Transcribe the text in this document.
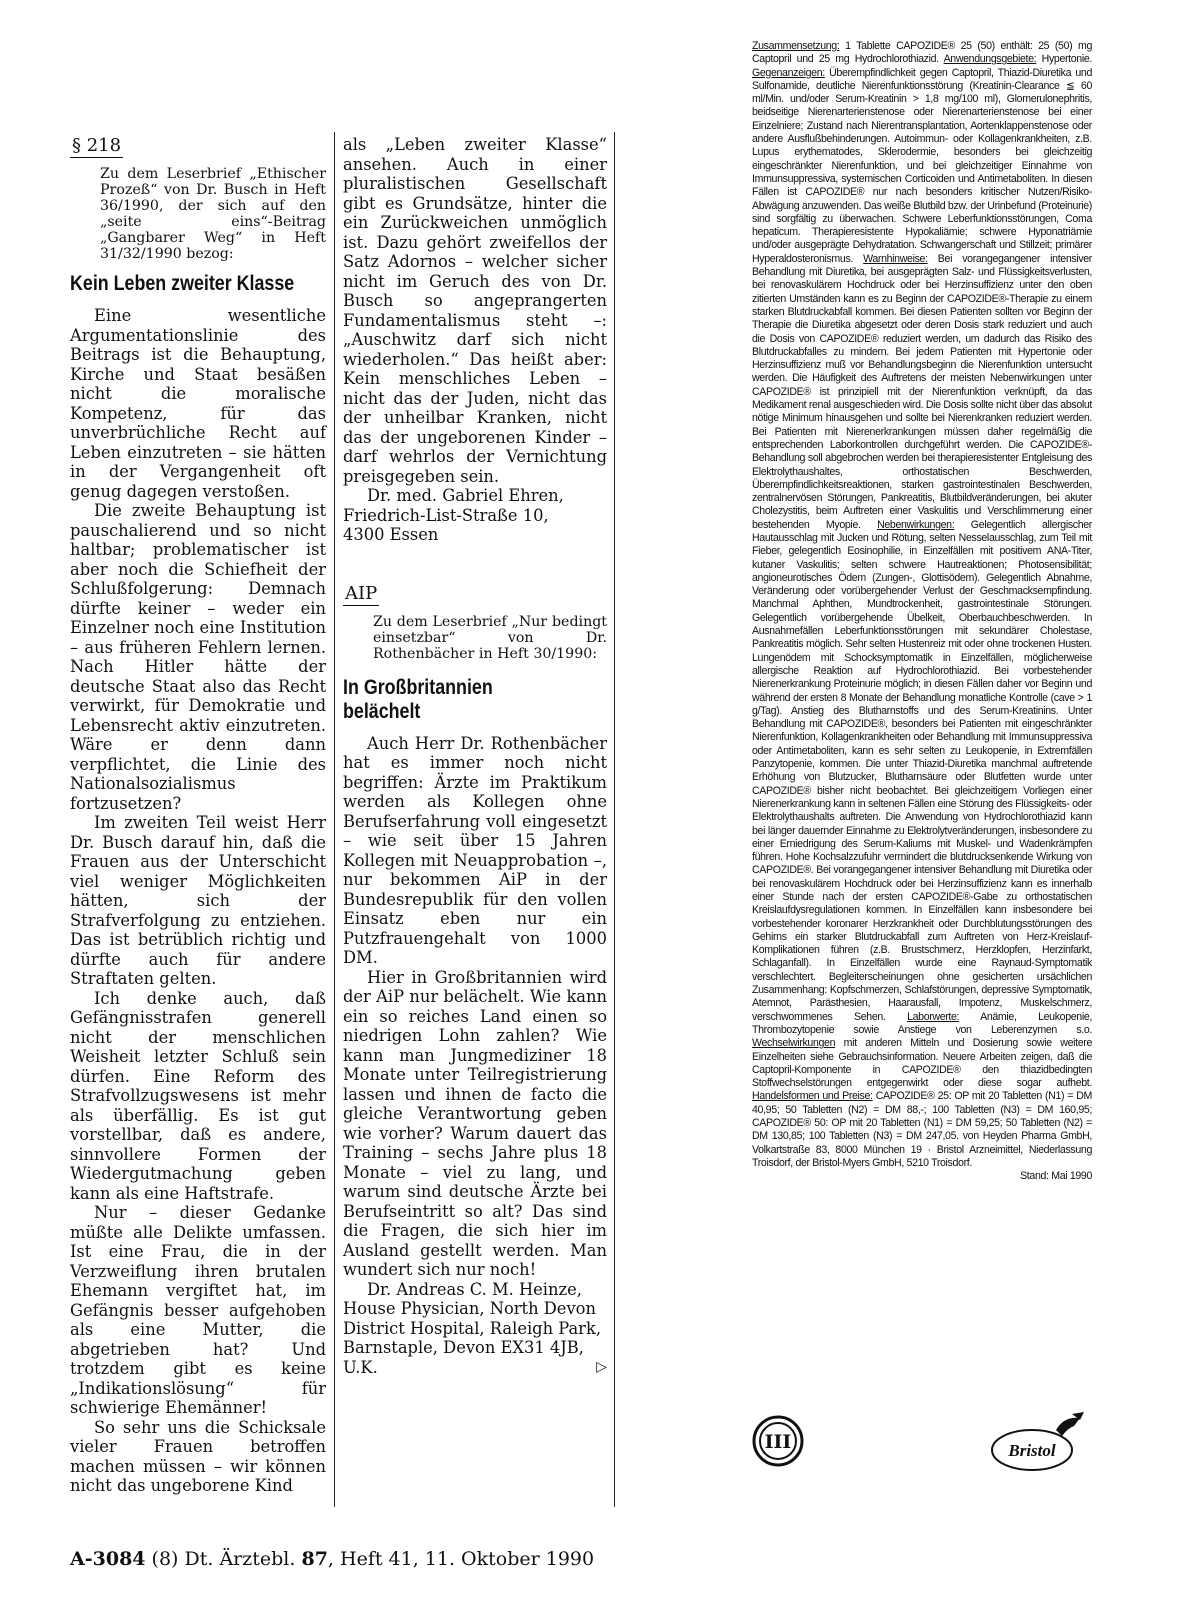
§ 218

Zu dem Leserbrief „Ethischer Prozeß“ von Dr. Busch in Heft 36/1990, der sich auf den „seite eins“-Beitrag „Gangbarer Weg“ in Heft 31/32/1990 bezog:

Kein Leben zweiter Klasse

Eine wesentliche Argumentationslinie des Beitrags ist die Behauptung, Kirche und Staat besäßen nicht die moralische Kompetenz, für das unverbrüchliche Recht auf Leben einzutreten – sie hätten in der Vergangenheit oft genug dagegen verstoßen.

Die zweite Behauptung ist pauschalierend und so nicht haltbar; problematischer ist aber noch die Schiefheit der Schlußfolgerung: Demnach dürfte keiner – weder ein Einzelner noch eine Institution – aus früheren Fehlern lernen. Nach Hitler hätte der deutsche Staat also das Recht verwirkt, für Demokratie und Lebensrecht aktiv einzutreten. Wäre er denn dann verpflichtet, die Linie des Nationalsozialismus fortzusetzen?

Im zweiten Teil weist Herr Dr. Busch darauf hin, daß die Frauen aus der Unterschicht viel weniger Möglichkeiten hätten, sich der Strafverfolgung zu entziehen. Das ist betrüblich richtig und dürfte auch für andere Straftaten gelten.

Ich denke auch, daß Gefängnisstrafen generell nicht der menschlichen Weisheit letzter Schluß sein dürfen. Eine Reform des Strafvollzugswesens ist mehr als überfällig. Es ist gut vorstellbar, daß es andere, sinnvollere Formen der Wiedergutmachung geben kann als eine Haftstrafe.

Nur – dieser Gedanke müßte alle Delikte umfassen. Ist eine Frau, die in der Verzweiflung ihren brutalen Ehemann vergiftet hat, im Gefängnis besser aufgehoben als eine Mutter, die abgetrieben hat? Und trotzdem gibt es keine „Indikationslösung“ für schwierige Ehemänner!

So sehr uns die Schicksale vieler Frauen betroffen machen müssen – wir können nicht das ungeborene Kind

als „Leben zweiter Klasse“ ansehen. Auch in einer pluralistischen Gesellschaft gibt es Grundsätze, hinter die ein Zurückweichen unmöglich ist. Dazu gehört zweifellos der Satz Adornos – welcher sicher nicht im Geruch des von Dr. Busch so angeprangerten Fundamentalismus steht –: „Auschwitz darf sich nicht wiederholen.“ Das heißt aber: Kein menschliches Leben – nicht das der Juden, nicht das der unheilbar Kranken, nicht das der ungeborenen Kinder – darf wehrlos der Vernichtung preisgegeben sein.

Dr. med. Gabriel Ehren,
Friedrich-List-Straße 10,
4300 Essen
AIP

Zu dem Leserbrief „Nur bedingt einsetzbar“ von Dr. Rothenbächer in Heft 30/1990:

In Großbritannien
belächelt

Auch Herr Dr. Rothenbächer hat es immer noch nicht begriffen: Ärzte im Praktikum werden als Kollegen ohne Berufserfahrung voll eingesetzt – wie seit über 15 Jahren Kollegen mit Neuapprobation –, nur bekommen AiP in der Bundesrepublik für den vollen Einsatz eben nur ein Putzfrauengehalt von 1000 DM.

Hier in Großbritannien wird der AiP nur belächelt. Wie kann ein so reiches Land einen so niedrigen Lohn zahlen? Wie kann man Jungmediziner 18 Monate unter Teilregistrierung lassen und ihnen de facto die gleiche Verantwortung geben wie vorher? Warum dauert das Training – sechs Jahre plus 18 Monate – viel zu lang, und warum sind deutsche Ärzte bei Berufseintritt so alt? Das sind die Fragen, die sich hier im Ausland gestellt werden. Man wundert sich nur noch!

Dr. Andreas C. M. Heinze, House Physician, North Devon District Hospital, Raleigh Park, Barnstaple, Devon EX31 4JB, U.K.	▷

Zusammensetzung: 1 Tablette CAPOZIDE® 25 (50) enthält: 25 (50) mg Captopril und 25 mg Hydrochlorothiazid. Anwendungsgebiete: Hypertonie. Gegenanzeigen: Überempfindlichkeit gegen Captopril, Thiazid-Diuretika und Sulfonamide, deutliche Nierenfunktionsstörung (Kreatinin-Clearance ≦ 60 ml/Min. und/oder Serum-Kreatinin > 1,8 mg/100 ml), Glomerulonephritis, beidseitige Nierenarterienstenose oder Nierenarterienstenose bei einer Einzelniere; Zustand nach Nierentransplantation, Aortenklappenstenose oder andere Ausflußbehinderungen. Autoimmun- oder Kollagenkrankheiten, z.B. Lupus erythematodes, Sklerodermie, besonders bei gleichzeitig eingeschränkter Nierenfunktion, und bei gleichzeitiger Einnahme von Immunsuppressiva, systemischen Corticoiden und Antimetaboliten. In diesen Fällen ist CAPOZIDE® nur nach besonders kritischer Nutzen/Risiko-Abwägung anzuwenden. Das weiße Blutbild bzw. der Urinbefund (Proteinurie) sind sorgfältig zu überwachen. Schwere Leberfunktionsstörungen, Coma hepaticum. Therapieresistente Hypokaliämie; schwere Hyponatriämie und/oder ausgeprägte Dehydratation. Schwangerschaft und Stillzeit; primärer Hyperaldosteronismus. Warnhinweise: Bei vorangegangener intensiver Behandlung mit Diuretika, bei ausgeprägten Salz- und Flüssigkeitsverlusten, bei renovaskulärem Hochdruck oder bei Herzinsuffizienz unter den oben zitierten Umständen kann es zu Beginn der CAPOZIDE®-Therapie zu einem starken Blutdruckabfall kommen. Bei diesen Patienten sollten vor Beginn der Therapie die Diuretika abgesetzt oder deren Dosis stark reduziert und auch die Dosis von CAPOZIDE® reduziert werden, um dadurch das Risiko des Blutdruckabfalles zu mindern. Bei jedem Patienten mit Hypertonie oder Herzinsuffizienz muß vor Behandlungsbeginn die Nierenfunktion untersucht werden. Die Häufigkeit des Auftretens der meisten Nebenwirkungen unter CAPOZIDE® ist prinzipiell mit der Nierenfunktion verknüpft, da das Medikament renal ausgeschieden wird. Die Dosis sollte nicht über das absolut nötige Minimum hinausgehen und sollte bei Nierenkranken reduziert werden. Bei Patienten mit Nierenerkrankungen müssen daher regelmäßig die entsprechenden Laborkontrollen durchgeführt werden. Die CAPOZIDE®-Behandlung soll abgebrochen werden bei therapieresistenter Entgleisung des Elektrolythaushaltes, orthostatischen Beschwerden, Überempfindlichkeitsreaktionen, starken gastrointestinalen Beschwerden, zentralnervösen Störungen, Pankreatitis, Blutbildveränderungen, bei akuter Cholezystitis, beim Auftreten einer Vaskulitis und Verschlimmerung einer bestehenden Myopie. Nebenwirkungen: Gelegentlich allergischer Hautausschlag mit Jucken und Rötung, selten Nesselausschlag, zum Teil mit Fieber, gelegentlich Eosinophilie, in Einzelfällen mit positivem ANA-Titer, kutaner Vaskulitis; selten schwere Hautreaktionen; Photosensibilität; angioneurotisches Ödem (Zungen-, Glottisödem). Gelegentlich Abnahme, Veränderung oder vorübergehender Verlust der Geschmacksempfindung. Manchmal Aphthen, Mundtrockenheit, gastrointestinale Störungen. Gelegentlich vorübergehende Übelkeit, Oberbauchbeschwerden. In Ausnahmefällen Leberfunktionsstörungen mit sekundärer Cholestase, Pankreatitis möglich. Sehr selten Hustenreiz mit oder ohne trockenen Husten. Lungenödem mit Schocksymptomatik in Einzelfällen, möglicherweise allergische Reaktion auf Hydrochlorothiazid. Bei vorbestehender Nierenerkrankung Proteinurie möglich; in diesen Fällen daher vor Beginn und während der ersten 8 Monate der Behandlung monatliche Kontrolle (cave > 1 g/Tag). Anstieg des Blutharnstoffs und des Serum-Kreatinins. Unter Behandlung mit CAPOZIDE®, besonders bei Patienten mit eingeschränkter Nierenfunktion, Kollagenkrankheiten oder Behandlung mit Immunsuppressiva oder Antimetaboliten, kann es sehr selten zu Leukopenie, in Extremfällen Panzytopenie, kommen. Die unter Thiazid-Diuretika manchmal auftretende Erhöhung von Blutzucker, Blutharnsäure oder Blutfetten wurde unter CAPOZIDE® bisher nicht beobachtet. Bei gleichzeitigem Vorliegen einer Nierenerkrankung kann in seltenen Fällen eine Störung des Flüssigkeits- oder Elektrolythaushalts auftreten. Die Anwendung von Hydrochlorothiazid kann bei länger dauernder Einnahme zu Elektrolytveränderungen, insbesondere zu einer Erniedrigung des Serum-Kaliums mit Muskel- und Wadenkrämpfen führen. Hohe Kochsalzzufuhr vermindert die blutdrucksenkende Wirkung von CAPOZIDE®. Bei vorangegangener intensiver Behandlung mit Diuretika oder bei renovaskulärem Hochdruck oder bei Herzinsuffizienz kann es innerhalb einer Stunde nach der ersten CAPOZIDE®-Gabe zu orthostatischen Kreislaufdysregulationen kommen. In Einzelfällen kann insbesondere bei vorbestehender koronarer Herzkrankheit oder Durchblutungsstörungen des Gehirns ein starker Blutdruckabfall zum Auftreten von Herz-Kreislauf-Komplikationen führen (z.B. Brustschmerz, Herzklopfen, Herzinfarkt, Schlaganfall). In Einzelfällen wurde eine Raynaud-Symptomatik verschlechtert. Begleiterscheinungen ohne gesicherten ursächlichen Zusammenhang: Kopfschmerzen, Schlafstörungen, depressive Symptomatik, Atemnot, Parästhesien, Haarausfall, Impotenz, Muskelschmerz, verschwommenes Sehen. Laborwerte: Anämie, Leukopenie, Thrombozytopenie sowie Anstiege von Leberenzymen s.o. Wechselwirkungen mit anderen Mitteln und Dosierung sowie weitere Einzelheiten siehe Gebrauchsinformation. Neuere Arbeiten zeigen, daß die Captopril-Komponente in CAPOZIDE® den thiazidbedingten Stoffwechselstörungen entgegenwirkt oder diese sogar aufhebt. Handelsformen und Preise: CAPOZIDE® 25: OP mit 20 Tabletten (N1) = DM 40,95; 50 Tabletten (N2) = DM 88,-; 100 Tabletten (N3) = DM 160,95; CAPOZIDE® 50: OP mit 20 Tabletten (N1) = DM 59,25; 50 Tabletten (N2) = DM 130,85; 100 Tabletten (N3) = DM 247,05. von Heyden Pharma GmbH, Volkartstraße 83, 8000 München 19 · Bristol Arzneimittel, Niederlassung Troisdorf, der Bristol-Myers GmbH, 5210 Troisdorf.
Stand: Mai 1990
III	Bristol
A-3084 (8) Dt. Ärztebl. 87, Heft 41, 11. Oktober 1990
